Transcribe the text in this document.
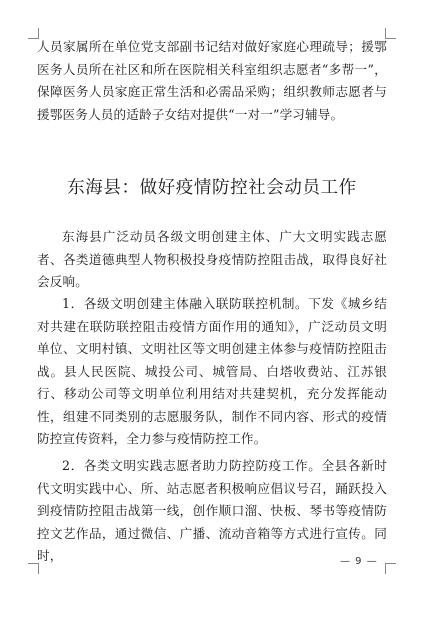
人员家属所在单位党支部副书记结对做好家庭心理疏导；援鄂医务人员所在社区和所在医院相关科室组织志愿者“多帮一”，保障医务人员家庭正常生活和必需品采购；组织教师志愿者与援鄂医务人员的适龄子女结对提供“一对一”学习辅导。

东海县：做好疫情防控社会动员工作

东海县广泛动员各级文明创建主体、广大文明实践志愿者、各类道德典型人物积极投身疫情防控阻击战，取得良好社会反响。

1．各级文明创建主体融入联防联控机制。下发《城乡结对共建在联防联控阻击疫情方面作用的通知》，广泛动员文明单位、文明村镇、文明社区等文明创建主体参与疫情防控阻击战。县人民医院、城投公司、城管局、白塔收费站、江苏银行、移动公司等文明单位利用结对共建契机，充分发挥能动性，组建不同类别的志愿服务队，制作不同内容、形式的疫情防控宣传资料，全力参与疫情防控工作。

2．各类文明实践志愿者助力防控防疫工作。全县各新时代文明实践中心、所、站志愿者积极响应倡议号召，踊跃投入到疫情防控阻击战第一线，创作顺口溜、快板、琴书等疫情防控文艺作品，通过微信、广播、流动音箱等方式进行宣传。同时，	— 9 —
